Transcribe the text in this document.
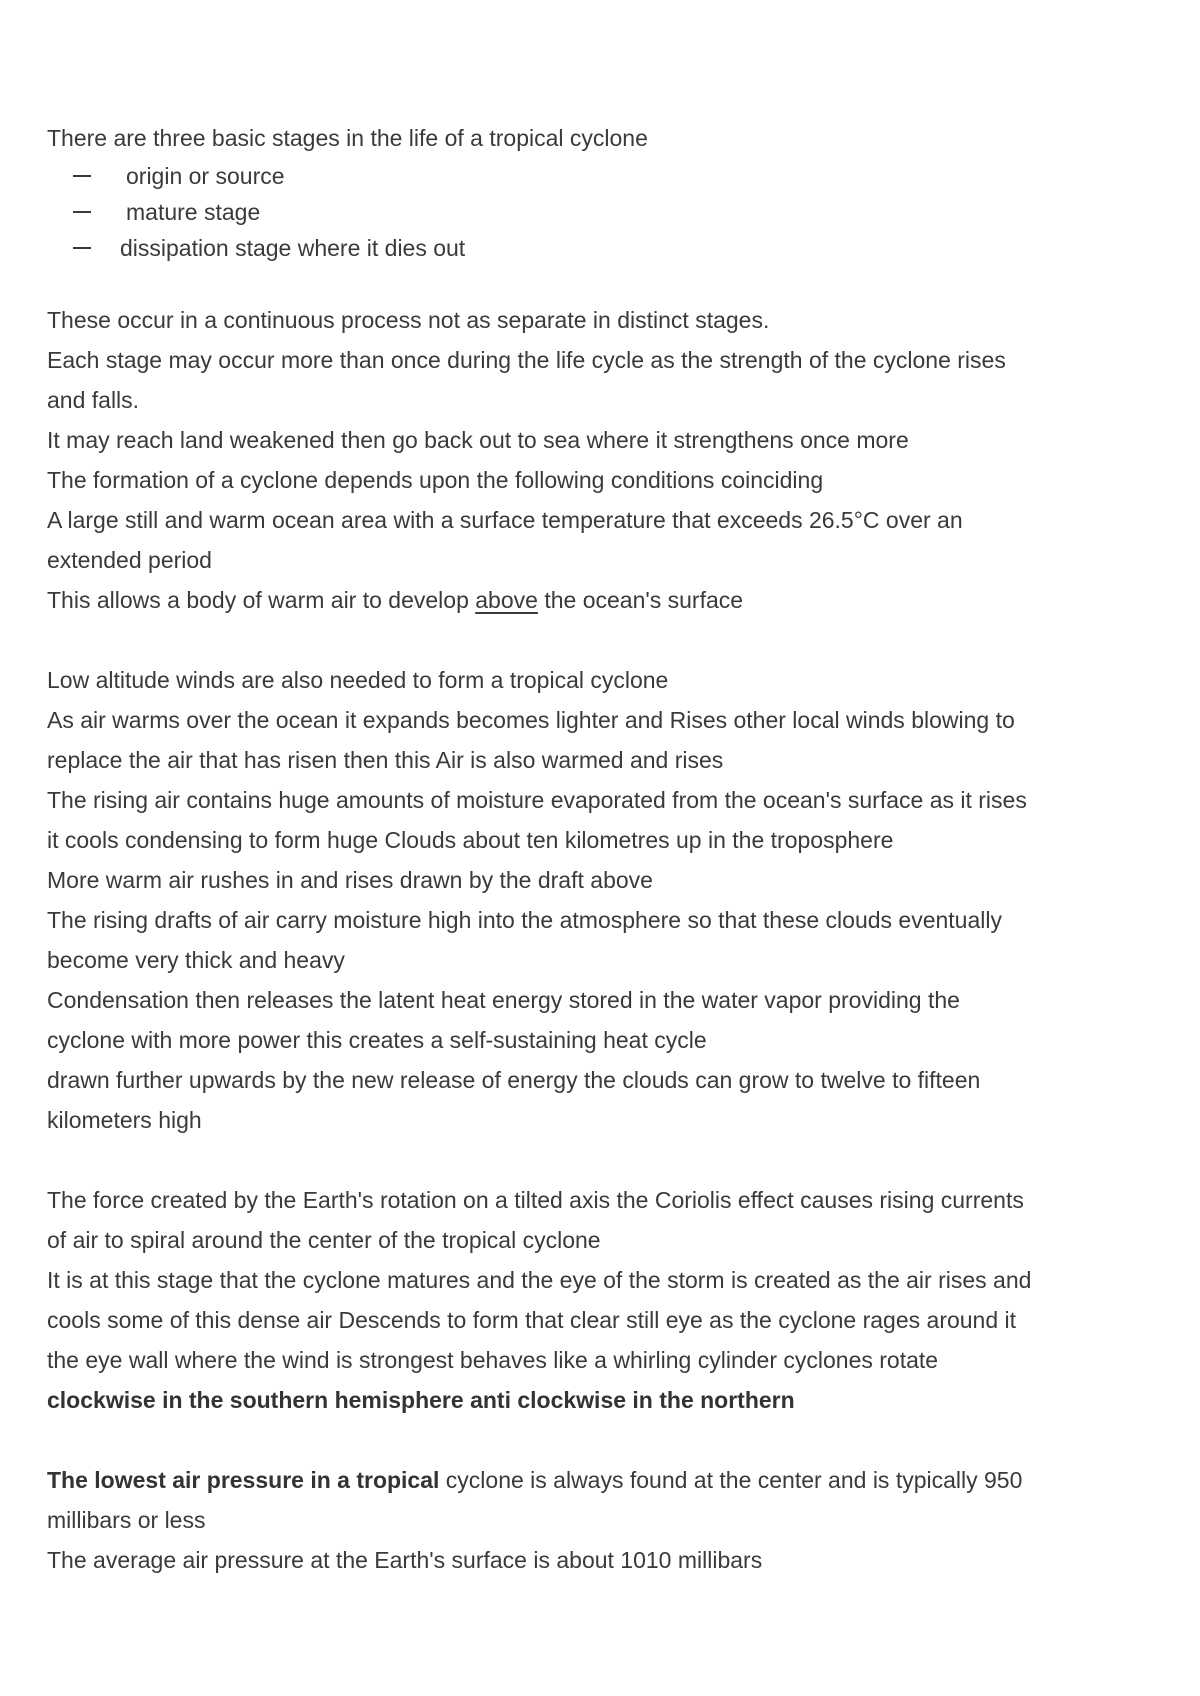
There are three basic stages in the life of a tropical cyclone
origin or source
mature stage
dissipation stage where it dies out
These occur in a continuous process not as separate in distinct stages.
Each stage may occur more than once during the life cycle as the strength of the cyclone rises
and falls.
It may reach land weakened then go back out to sea where it strengthens once more
The formation of a cyclone depends upon the following conditions coinciding
A large still and warm ocean area with a surface temperature that exceeds 26.5°C over an
extended period
This allows a body of warm air to develop above the ocean's surface
Low altitude winds are also needed to form a tropical cyclone
As air warms over the ocean it expands becomes lighter and Rises other local winds blowing to
replace the air that has risen then this Air is also warmed and rises
The rising air contains huge amounts of moisture evaporated from the ocean's surface as it rises
it cools condensing to form huge Clouds about ten kilometres up in the troposphere
More warm air rushes in and rises drawn by the draft above
The rising drafts of air carry moisture high into the atmosphere so that these clouds eventually
become very thick and heavy
Condensation then releases the latent heat energy stored in the water vapor providing the
cyclone with more power this creates a self-sustaining heat cycle
drawn further upwards by the new release of energy the clouds can grow to twelve to fifteen
kilometers high
The force created by the Earth's rotation on a tilted axis the Coriolis effect causes rising currents
of air to spiral around the center of the tropical cyclone
It is at this stage that the cyclone matures and the eye of the storm is created as the air rises and
cools some of this dense air Descends to form that clear still eye as the cyclone rages around it
the eye wall where the wind is strongest behaves like a whirling cylinder cyclones rotate
clockwise in the southern hemisphere anti clockwise in the northern
The lowest air pressure in a tropical cyclone is always found at the center and is typically 950
millibars or less
The average air pressure at the Earth's surface is about 1010 millibars
